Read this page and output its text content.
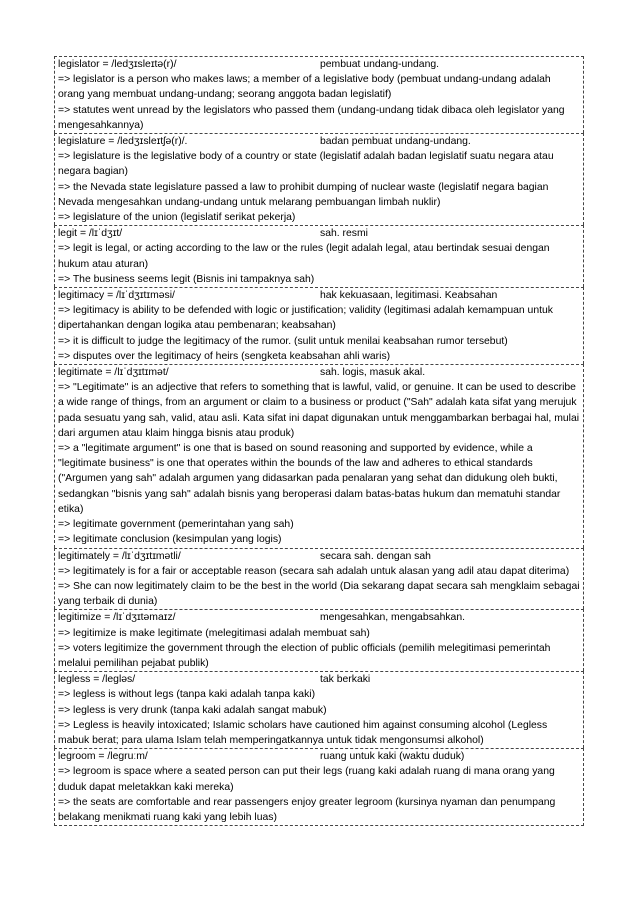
legislator = /ledʒɪsleɪtə(r)/	pembuat undang-undang.
=> legislator is a person who makes laws; a member of a legislative body (pembuat undang-undang adalah orang yang membuat undang-undang; seorang anggota badan legislatif)
=> statutes went unread by the legislators who passed them (undang-undang tidak dibaca oleh legislator yang mengesahkannya)
legislature = /ledʒɪsleɪtʃə(r)/.	badan pembuat undang-undang.
=> legislature is the legislative body of a country or state (legislatif adalah badan legislatif suatu negara atau negara bagian)
=> the Nevada state legislature passed a law to prohibit dumping of nuclear waste (legislatif negara bagian Nevada mengesahkan undang-undang untuk melarang pembuangan limbah nuklir)
=> legislature of the union (legislatif serikat pekerja)
legit = /lɪˈdʒɪt/	sah. resmi
=> legit is legal, or acting according to the law or the rules (legit adalah legal, atau bertindak sesuai dengan hukum atau aturan)
=> The business seems legit (Bisnis ini tampaknya sah)
legitimacy = /lɪˈdʒɪtɪməsi/	hak kekuasaan, legitimasi. Keabsahan
=> legitimacy is ability to be defended with logic or justification; validity (legitimasi adalah kemampuan untuk dipertahankan dengan logika atau pembenaran; keabsahan)
=> it is difficult to judge the legitimacy of the rumor. (sulit untuk menilai keabsahan rumor tersebut)
=> disputes over the legitimacy of heirs (sengketa keabsahan ahli waris)
legitimate = /lɪˈdʒɪtɪmət/	sah. logis, masuk akal.
=> "Legitimate" is an adjective that refers to something that is lawful, valid, or genuine. It can be used to describe a wide range of things, from an argument or claim to a business or product ("Sah" adalah kata sifat yang merujuk pada sesuatu yang sah, valid, atau asli. Kata sifat ini dapat digunakan untuk menggambarkan berbagai hal, mulai dari argumen atau klaim hingga bisnis atau produk)
=> a "legitimate argument" is one that is based on sound reasoning and supported by evidence, while a "legitimate business" is one that operates within the bounds of the law and adheres to ethical standards ("Argumen yang sah" adalah argumen yang didasarkan pada penalaran yang sehat dan didukung oleh bukti, sedangkan "bisnis yang sah" adalah bisnis yang beroperasi dalam batas-batas hukum dan mematuhi standar etika)
=> legitimate government (pemerintahan yang sah)
=> legitimate conclusion (kesimpulan yang logis)
legitimately = /lɪˈdʒɪtɪmətli/	secara sah. dengan sah
=> legitimately is for a fair or acceptable reason (secara sah adalah untuk alasan yang adil atau dapat diterima)
=> She can now legitimately claim to be the best in the world (Dia sekarang dapat secara sah mengklaim sebagai yang terbaik di dunia)
legitimize = /lɪˈdʒɪtəmaɪz/	mengesahkan, mengabsahkan.
=> legitimize is make legitimate (melegitimasi adalah membuat sah)
=> voters legitimize the government through the election of public officials (pemilih melegitimasi pemerintah melalui pemilihan pejabat publik)
legless = /legləs/	tak berkaki
=> legless is without legs (tanpa kaki adalah tanpa kaki)
=> legless is very drunk (tanpa kaki adalah sangat mabuk)
=> Legless is heavily intoxicated; Islamic scholars have cautioned him against consuming alcohol (Legless mabuk berat; para ulama Islam telah memperingatkannya untuk tidak mengonsumsi alkohol)
legroom = /legruːm/	ruang untuk kaki (waktu duduk)
=> legroom is space where a seated person can put their legs (ruang kaki adalah ruang di mana orang yang duduk dapat meletakkan kaki mereka)
=> the seats are comfortable and rear passengers enjoy greater legroom (kursinya nyaman dan penumpang belakang menikmati ruang kaki yang lebih luas)
